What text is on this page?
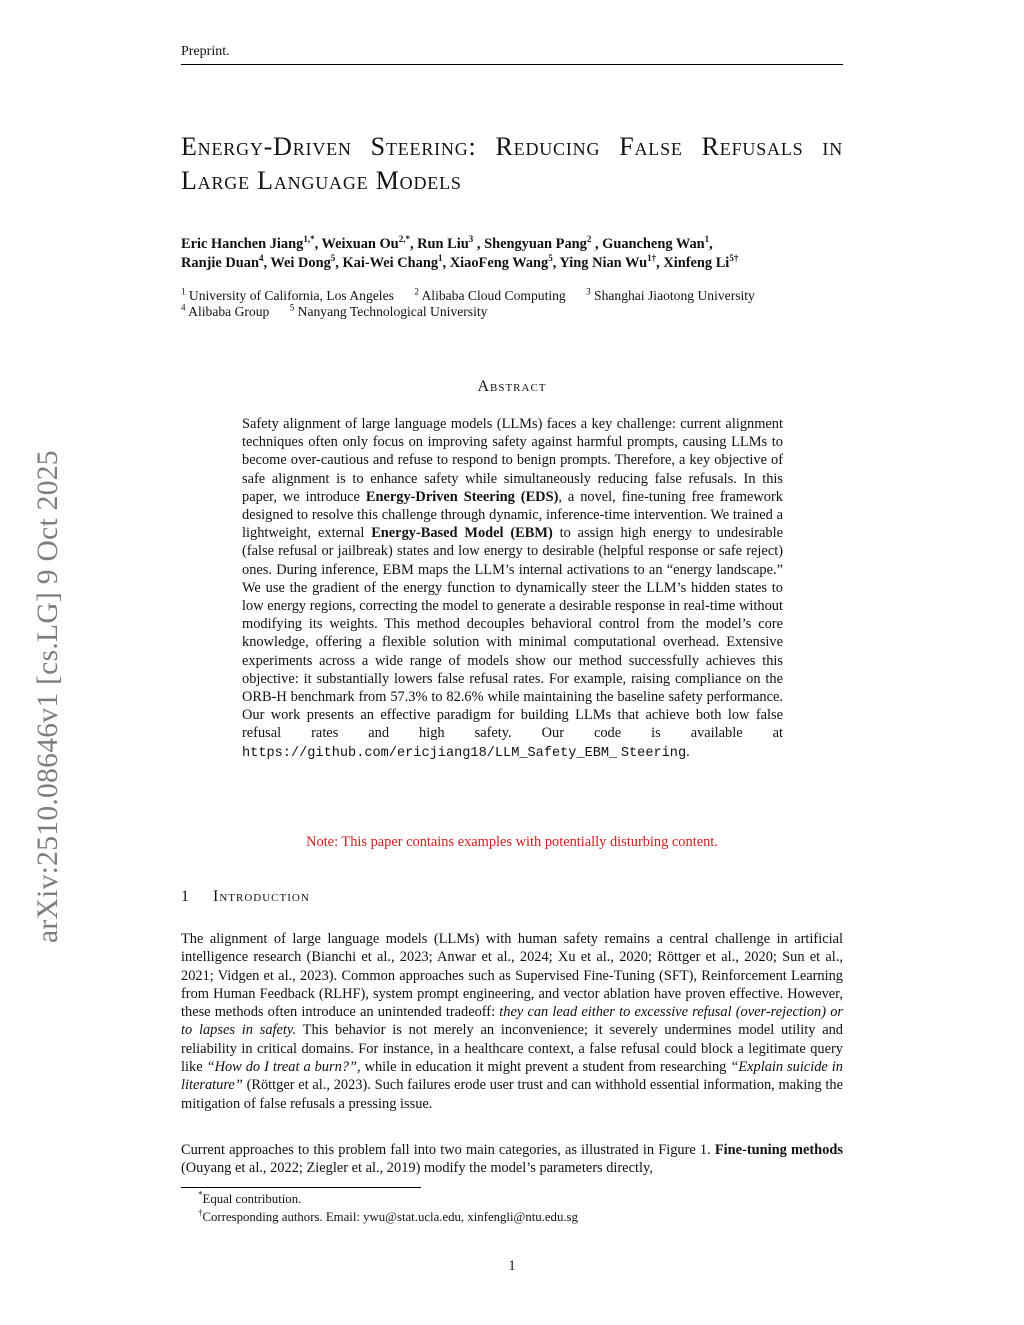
Preprint.
arXiv:2510.08646v1 [cs.LG] 9 Oct 2025
Energy-Driven Steering: Reducing False Refusals in Large Language Models
Eric Hanchen Jiang$^{1,*}$, Weixuan $Ou^{2,*}$, Run Liu$^3$ , Shengyuan Pang$^2$ , Guancheng Wan$^1$,
Ranjie Duan$^4$, Wei Dong$^5$, Kai-Wei Chang$^1$, XiaoFeng Wang$^5$, Ying Nian $Wu^{1\dagger}$, Xinfeng $Li^{5\dagger}$
$^1$ University of California, Los Angeles $^2$ Alibaba Cloud Computing $^3$ Shanghai Jiaotong University
$^4$ Alibaba Group $^5$ Nanyang Technological University
Abstract
Safety alignment of large language models (LLMs) faces a key challenge: current alignment techniques often only focus on improving safety against harmful prompts, causing LLMs to become over-cautious and refuse to respond to benign prompts. Therefore, a key objective of safe alignment is to enhance safety while simultaneously reducing false refusals. In this paper, we introduce Energy-Driven Steering (EDS), a novel, fine-tuning free framework designed to resolve this challenge through dynamic, inference-time intervention. We trained a lightweight, external Energy-Based Model (EBM) to assign high energy to undesirable (false refusal or jailbreak) states and low energy to desirable (helpful response or safe reject) ones. During inference, EBM maps the LLM’s internal activations to an “energy landscape.” We use the gradient of the energy function to dynamically steer the LLM’s hidden states to low energy regions, correcting the model to generate a desirable response in real-time without modifying its weights. This method decouples behavioral control from the model’s core knowledge, offering a flexible solution with minimal computational overhead. Extensive experiments across a wide range of models show our method successfully achieves this objective: it substantially lowers false refusal rates. For example, raising compliance on the ORB-H benchmark from 57.3% to 82.6% while maintaining the baseline safety performance. Our work presents an effective paradigm for building LLMs that achieve both low false refusal rates and high safety. Our code is available at https://github.com/ericjiang18/LLM_Safety_EBM_ Steering.
Note: This paper contains examples with potentially disturbing content.
1 Introduction
The alignment of large language models (LLMs) with human safety remains a central challenge in artificial intelligence research (Bianchi et al., 2023; Anwar et al., 2024; Xu et al., 2020; Röttger et al., 2020; Sun et al., 2021; Vidgen et al., 2023). Common approaches such as Supervised Fine-Tuning (SFT), Reinforcement Learning from Human Feedback (RLHF), system prompt engineering, and vector ablation have proven effective. However, these methods often introduce an unintended tradeoff: they can lead either to excessive refusal (over-rejection) or to lapses in safety. This behavior is not merely an inconvenience; it severely undermines model utility and reliability in critical domains. For instance, in a healthcare context, a false refusal could block a legitimate query like “How do I treat a burn?”, while in education it might prevent a student from researching “Explain suicide in literature” (Röttger et al., 2023). Such failures erode user trust and can withhold essential information, making the mitigation of false refusals a pressing issue.
Current approaches to this problem fall into two main categories, as illustrated in Figure 1. Fine-tuning methods (Ouyang et al., 2022; Ziegler et al., 2019) modify the model’s parameters directly,
*Equal contribution.
†Corresponding authors. Email: ywu@stat.ucla.edu, xinfengli@ntu.edu.sg
1
